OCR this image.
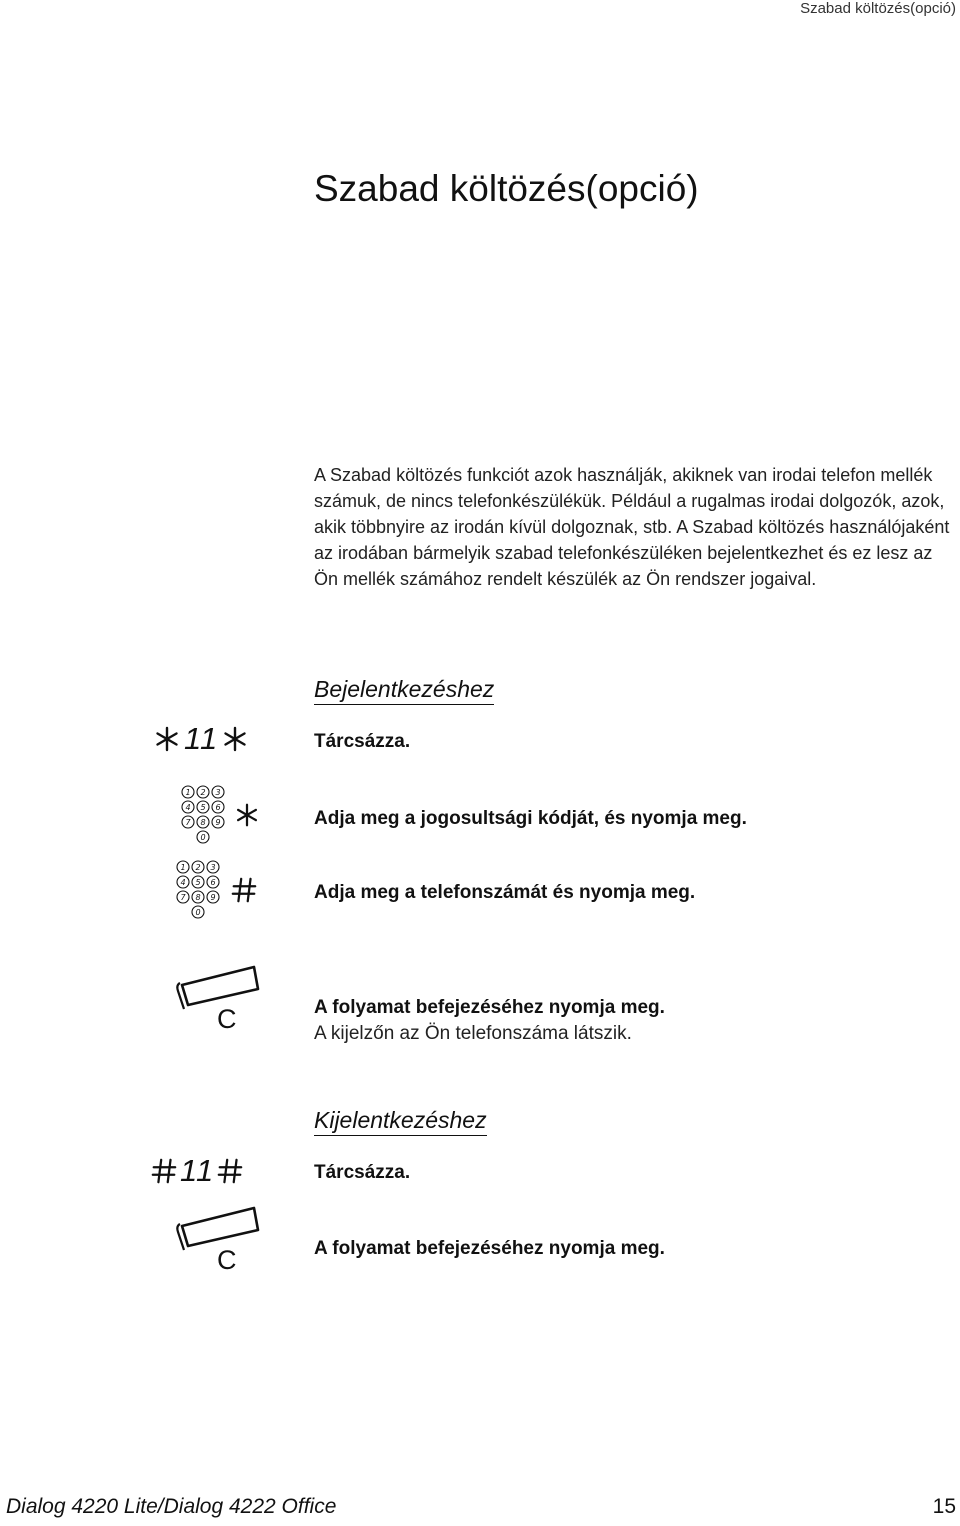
Szabad költözés(opció)
Szabad költözés(opció)

A Szabad költözés funkciót azok használják, akiknek van irodai telefon mellék számuk, de nincs telefonkészülékük. Például a rugalmas irodai dolgozók, azok, akik többnyire az irodán kívül dolgoznak, stb. A Szabad költözés használójaként az irodában bármelyik szabad telefonkészüléken bejelentkezhet és ez lesz az Ön mellék számához rendelt készülék az Ön rendszer jogaival.

Bejelentkezéshez
11	Tárcsázza.
1 2 3
4 5 6
7 8 9
0
Adja meg a jogosultsági kódját, és nyomja meg.
1 2 3
4 5 6
7 8 9
0
Adja meg a telefonszámát és nyomja meg.
C	A folyamat befejezéséhez nyomja meg.
A kijelzőn az Ön telefonszáma látszik.
Kijelentkezéshez
11	Tárcsázza.
C	A folyamat befejezéséhez nyomja meg.
Dialog 4220 Lite/Dialog 4222 Office	15
